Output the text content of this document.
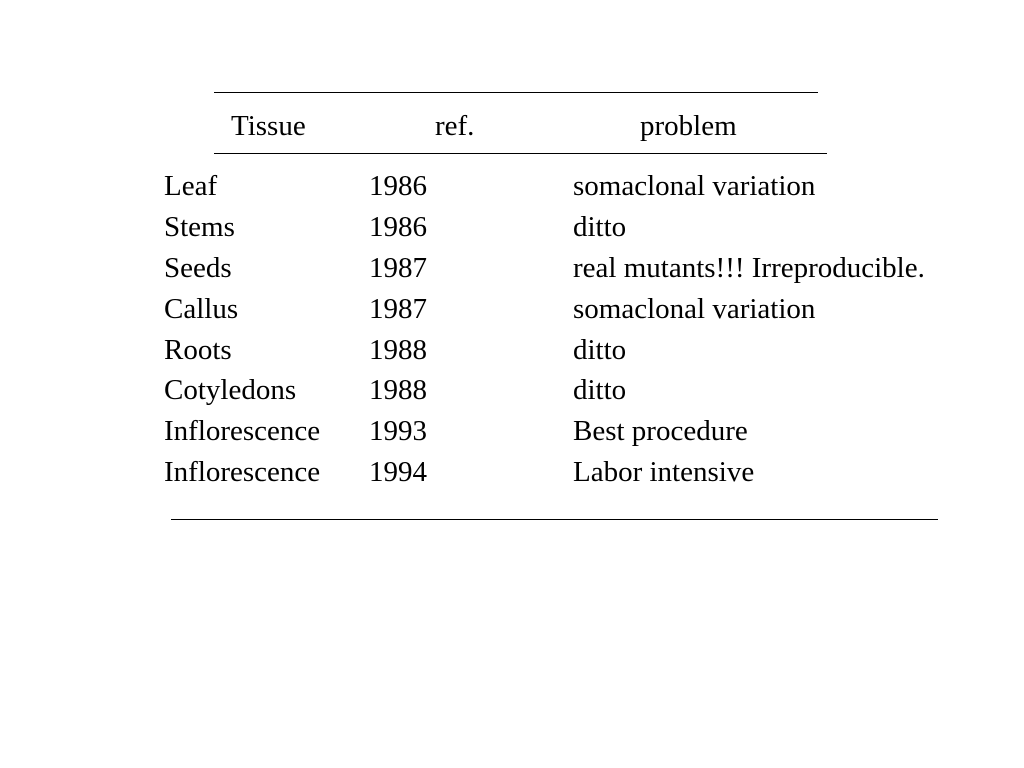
Tissue	ref.	problem
Leaf	1986	somaclonal variation
Stems	1986	ditto
Seeds	1987	real mutants!!! Irreproducible.
Callus	1987	somaclonal variation
Roots	1988	ditto
Cotyledons	1988	ditto
Inflorescence	1993	Best procedure
Inflorescence	1994	Labor intensive
